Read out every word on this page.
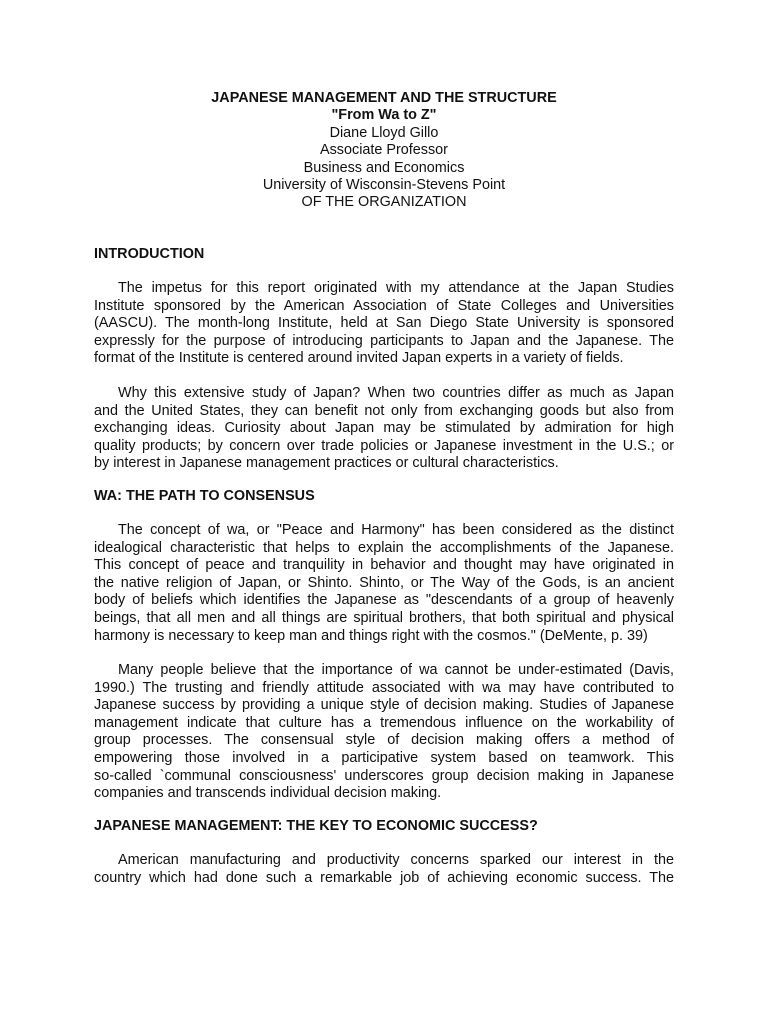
JAPANESE MANAGEMENT AND THE STRUCTURE
"From Wa to Z"
Diane Lloyd Gillo
Associate Professor
Business and Economics
University of Wisconsin-Stevens Point
OF THE ORGANIZATION
INTRODUCTION
The impetus for this report originated with my attendance at the Japan Studies
Institute sponsored by the American Association of State Colleges and Universities
(AASCU). The month-long Institute, held at San Diego State University is sponsored
expressly for the purpose of introducing participants to Japan and the Japanese. The
format of the Institute is centered around invited Japan experts in a variety of fields.
Why this extensive study of Japan? When two countries differ as much as Japan
and the United States, they can benefit not only from exchanging goods but also from
exchanging ideas. Curiosity about Japan may be stimulated by admiration for high
quality products; by concern over trade policies or Japanese investment in the U.S.; or
by interest in Japanese management practices or cultural characteristics.
WA: THE PATH TO CONSENSUS
The concept of wa, or "Peace and Harmony" has been considered as the distinct
idealogical characteristic that helps to explain the accomplishments of the Japanese.
This concept of peace and tranquility in behavior and thought may have originated in
the native religion of Japan, or Shinto. Shinto, or The Way of the Gods, is an ancient
body of beliefs which identifies the Japanese as "descendants of a group of heavenly
beings, that all men and all things are spiritual brothers, that both spiritual and physical
harmony is necessary to keep man and things right with the cosmos." (DeMente, p. 39)
Many people believe that the importance of wa cannot be under-estimated (Davis,
1990.) The trusting and friendly attitude associated with wa may have contributed to
Japanese success by providing a unique style of decision making. Studies of Japanese
management indicate that culture has a tremendous influence on the workability of
group processes. The consensual style of decision making offers a method of
empowering those involved in a participative system based on teamwork. This
so-called `communal consciousness' underscores group decision making in Japanese
companies and transcends individual decision making.
JAPANESE MANAGEMENT: THE KEY TO ECONOMIC SUCCESS?
American manufacturing and productivity concerns sparked our interest in the
country which had done such a remarkable job of achieving economic success. The
